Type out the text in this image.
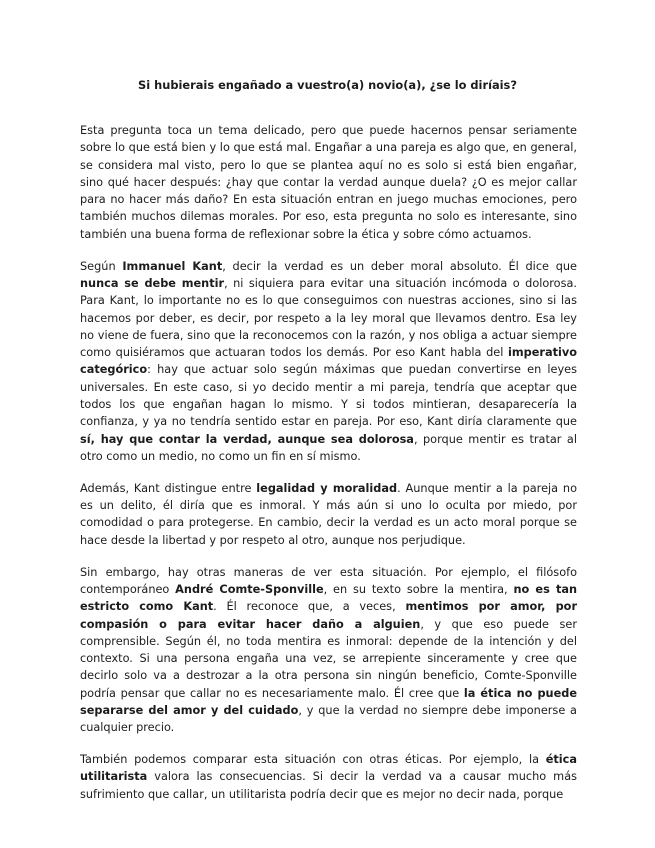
Si hubierais engañado a vuestro(a) novio(a), ¿se lo diríais?

Esta pregunta toca un tema delicado, pero que puede hacernos pensar seriamente sobre lo que está bien y lo que está mal. Engañar a una pareja es algo que, en general, se considera mal visto, pero lo que se plantea aquí no es solo si está bien engañar, sino qué hacer después: ¿hay que contar la verdad aunque duela? ¿O es mejor callar para no hacer más daño? En esta situación entran en juego muchas emociones, pero también muchos dilemas morales. Por eso, esta pregunta no solo es interesante, sino también una buena forma de reflexionar sobre la ética y sobre cómo actuamos.

Según Immanuel Kant, decir la verdad es un deber moral absoluto. Él dice que nunca se debe mentir, ni siquiera para evitar una situación incómoda o dolorosa. Para Kant, lo importante no es lo que conseguimos con nuestras acciones, sino si las hacemos por deber, es decir, por respeto a la ley moral que llevamos dentro. Esa ley no viene de fuera, sino que la reconocemos con la razón, y nos obliga a actuar siempre como quisiéramos que actuaran todos los demás. Por eso Kant habla del imperativo categórico: hay que actuar solo según máximas que puedan convertirse en leyes universales. En este caso, si yo decido mentir a mi pareja, tendría que aceptar que todos los que engañan hagan lo mismo. Y si todos mintieran, desaparecería la confianza, y ya no tendría sentido estar en pareja. Por eso, Kant diría claramente que sí, hay que contar la verdad, aunque sea dolorosa, porque mentir es tratar al otro como un medio, no como un fin en sí mismo.

Además, Kant distingue entre legalidad y moralidad. Aunque mentir a la pareja no es un delito, él diría que es inmoral. Y más aún si uno lo oculta por miedo, por comodidad o para protegerse. En cambio, decir la verdad es un acto moral porque se hace desde la libertad y por respeto al otro, aunque nos perjudique.

Sin embargo, hay otras maneras de ver esta situación. Por ejemplo, el filósofo contemporáneo André Comte-Sponville, en su texto sobre la mentira, no es tan estricto como Kant. Él reconoce que, a veces, mentimos por amor, por compasión o para evitar hacer daño a alguien, y que eso puede ser comprensible. Según él, no toda mentira es inmoral: depende de la intención y del contexto. Si una persona engaña una vez, se arrepiente sinceramente y cree que decirlo solo va a destrozar a la otra persona sin ningún beneficio, Comte-Sponville podría pensar que callar no es necesariamente malo. Él cree que la ética no puede separarse del amor y del cuidado, y que la verdad no siempre debe imponerse a cualquier precio.

También podemos comparar esta situación con otras éticas. Por ejemplo, la ética utilitarista valora las consecuencias. Si decir la verdad va a causar mucho más sufrimiento que callar, un utilitarista podría decir que es mejor no decir nada, porque
